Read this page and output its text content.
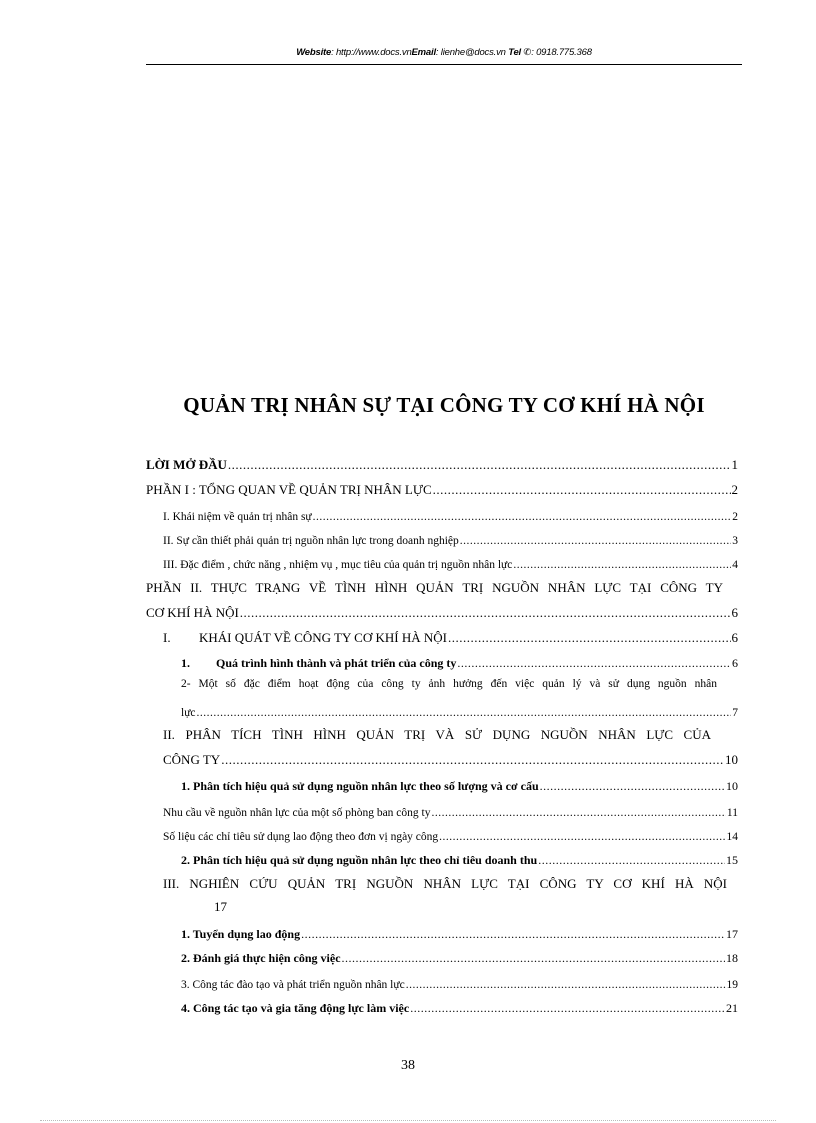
Website: http://www.docs.vnEmail: lienhe@docs.vn Tel ✆: 0918.775.368
QUẢN TRỊ NHÂN SỰ TẠI CÔNG TY CƠ KHÍ HÀ NỘI
LỜI MỞ ĐẦU .....	1
PHẦN I : TỔNG QUAN VỀ QUẢN TRỊ NHÂN LỰC .....	2
I. Khái niệm về quản trị nhân sự .....	2
II. Sự cần thiết phải quản trị nguồn nhân lực trong doanh nghiệp .....	3
III. Đặc điểm , chức năng , nhiệm vụ , mục tiêu của quản trị nguồn nhân lực .....	4
PHẦN II. THỰC TRẠNG VỀ TÌNH HÌNH QUẢN TRỊ NGUỒN NHÂN LỰC TẠI CÔNG TY
CƠ KHÍ HÀ NỘI .....	6
I.	KHÁI QUÁT VỀ CÔNG TY CƠ KHÍ HÀ NỘI .....	6
1.	Quá trình hình thành và phát triển của công ty .....	6
2- Một số đặc điểm hoạt động của công ty ảnh hưởng đến việc quản lý và sử dụng nguồn nhân
lực .....	7
II. PHÂN TÍCH TÌNH HÌNH QUẢN TRỊ VÀ SỬ DỤNG NGUỒN NHÂN LỰC CỦA
CÔNG TY .....	10
1. Phân tích hiệu quả sử dụng nguồn nhân lực theo số lượng và cơ cấu .....	10
Nhu cầu về nguồn nhân lực của một số phòng ban công ty .....	11
Số liệu các chỉ tiêu sử dụng lao động theo đơn vị ngày công .....	14
2. Phân tích hiệu quả sử dụng nguồn nhân lực theo chỉ tiêu doanh thu .....	15
III. NGHIÊN CỨU QUẢN TRỊ NGUỒN NHÂN LỰC TẠI CÔNG TY CƠ KHÍ HÀ NỘI
17
1. Tuyển dụng lao động .....	17
2. Đánh giá thực hiện công việc .....	18
3. Công tác đào tạo và phát triển nguồn nhân lực .....	19
4. Công tác tạo và gia tăng động lực làm việc .....	21
38
